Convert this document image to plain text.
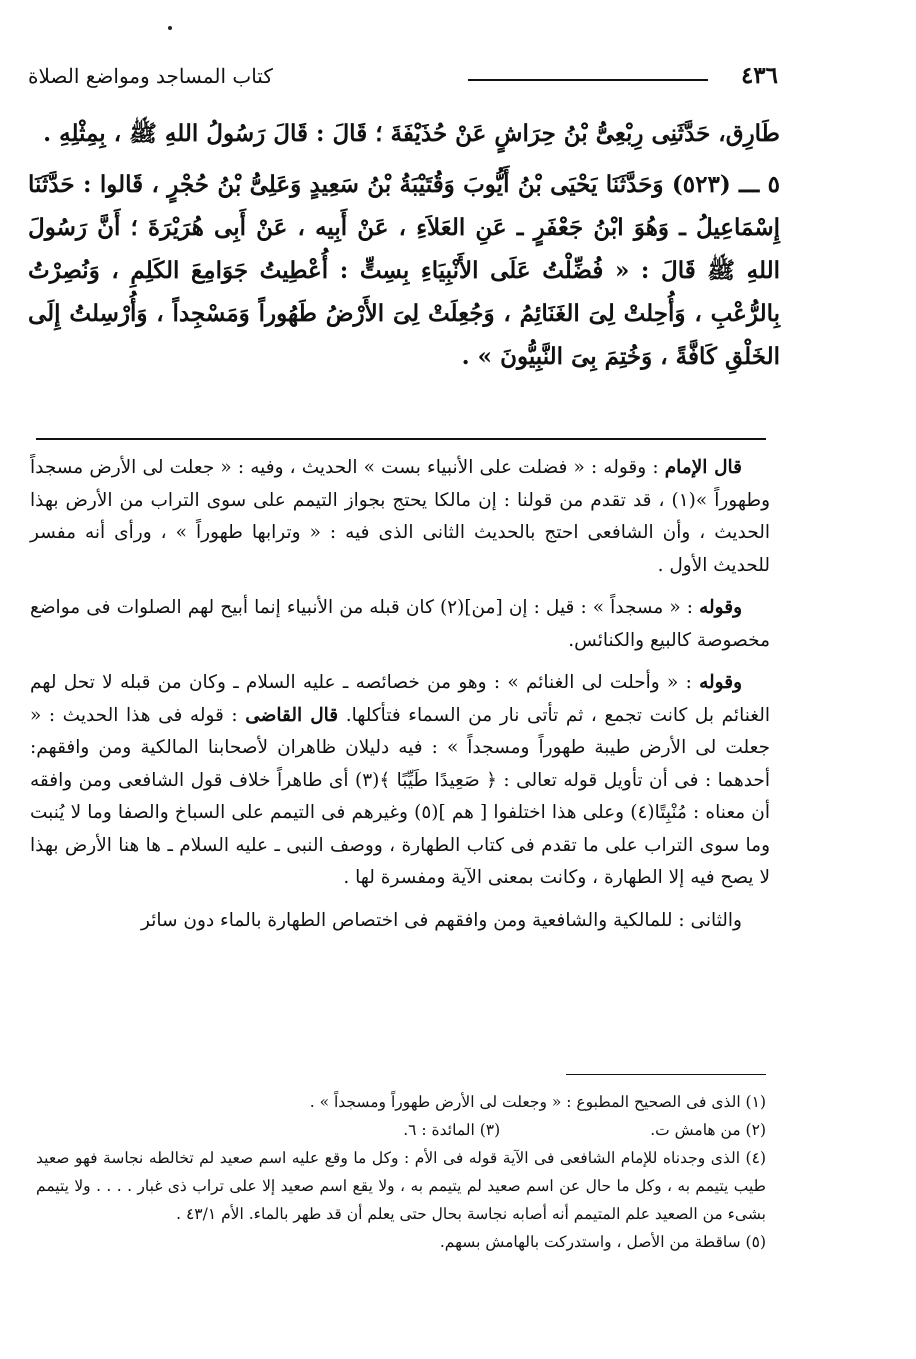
٤٣٦
كتاب المساجد ومواضع الصلاة

طَارِق، حَدَّثَنِى رِبْعِىُّ بْنُ حِرَاشٍ عَنْ حُذَيْفَةَ ؛ قَالَ : قَالَ رَسُولُ اللهِ ﷺ ، بِمِثْلِهِ .

٥ ـــ (٥٢٣) وَحَدَّثَنَا يَحْيَى بْنُ أَيُّوبَ وَقُتَيْبَةُ بْنُ سَعِيدٍ وَعَلِىُّ بْنُ حُجْرٍ ، قَالوا : حَدَّثَنَا إِسْمَاعِيلُ ـ وَهُوَ ابْنُ جَعْفَرٍ ـ عَنِ العَلاَءِ ، عَنْ أَبِيه ، عَنْ أَبِى هُرَيْرَةَ ؛ أَنَّ رَسُولَ اللهِ ﷺ قَالَ : « فُضِّلْتُ عَلَى الأَنْبِيَاءِ بِسِتٍّ : أُعْطِيتُ جَوَامِعَ الكَلِمِ ، وَنُصِرْتُ بِالرُّعْبِ ، وَأُحِلتْ لِىَ الغَنَائِمُ ، وَجُعِلَتْ لِىَ الأَرْضُ طَهُوراً وَمَسْجِداً ، وَأُرْسِلتُ إِلَى الخَلْقِ كَافَّةً ، وَخُتِمَ بِىَ النَّبِيُّونَ » .

قال الإمام : وقوله : « فضلت على الأنبياء بست » الحديث ، وفيه : « جعلت لى الأرض مسجداً وطهوراً »(١) ، قد تقدم من قولنا : إن مالكا يحتج بجواز التيمم على سوى التراب من الأرض بهذا الحديث ، وأن الشافعى احتج بالحديث الثانى الذى فيه : « وترابها طهوراً » ، ورأى أنه مفسر للحديث الأول .

وقوله : « مسجداً » : قيل : إن [من](٢) كان قبله من الأنبياء إنما أبيح لهم الصلوات فى مواضع مخصوصة كالبيع والكنائس.

وقوله : « وأحلت لى الغنائم » : وهو من خصائصه ـ عليه السلام ـ وكان من قبله لا تحل لهم الغنائم بل كانت تجمع ، ثم تأتى نار من السماء فتأكلها. قال القاضى : قوله فى هذا الحديث : « جعلت لى الأرض طيبة طهوراً ومسجداً » : فيه دليلان ظاهران لأصحابنا المالكية ومن وافقهم: أحدهما : فى أن تأويل قوله تعالى : ﴿ صَعِيدًا طَيِّبًا ﴾(٣) أى طاهراً خلاف قول الشافعى ومن وافقه أن معناه : مُنْبِتًا(٤) وعلى هذا اختلفوا [ هم ](٥) وغيرهم فى التيمم على السباخ والصفا وما لا يُنبت وما سوى التراب على ما تقدم فى كتاب الطهارة ، ووصف النبى ـ عليه السلام ـ ها هنا الأرض بهذا لا يصح فيه إلا الطهارة ، وكانت بمعنى الآية ومفسرة لها .

والثانى : للمالكية والشافعية ومن وافقهم فى اختصاص الطهارة بالماء دون سائر

(١) الذى فى الصحيح المطبوع : « وجعلت لى الأرض طهوراً ومسجداً » .

(٢) من هامش ت.

(٣) المائدة : ٦.

(٤) الذى وجدناه للإمام الشافعى فى الآية قوله فى الأم : وكل ما وقع عليه اسم صعيد لم تخالطه نجاسة فهو صعيد طيب يتيمم به ، وكل ما حال عن اسم صعيد لم يتيمم به ، ولا يقع اسم صعيد إلا على تراب ذى غبار . . . . ولا يتيمم بشىء من الصعيد علم المتيمم أنه أصابه نجاسة بحال حتى يعلم أن قد طهر بالماء. الأم ٤٣/١ .

(٥) ساقطة من الأصل ، واستدركت بالهامش بسهم.
